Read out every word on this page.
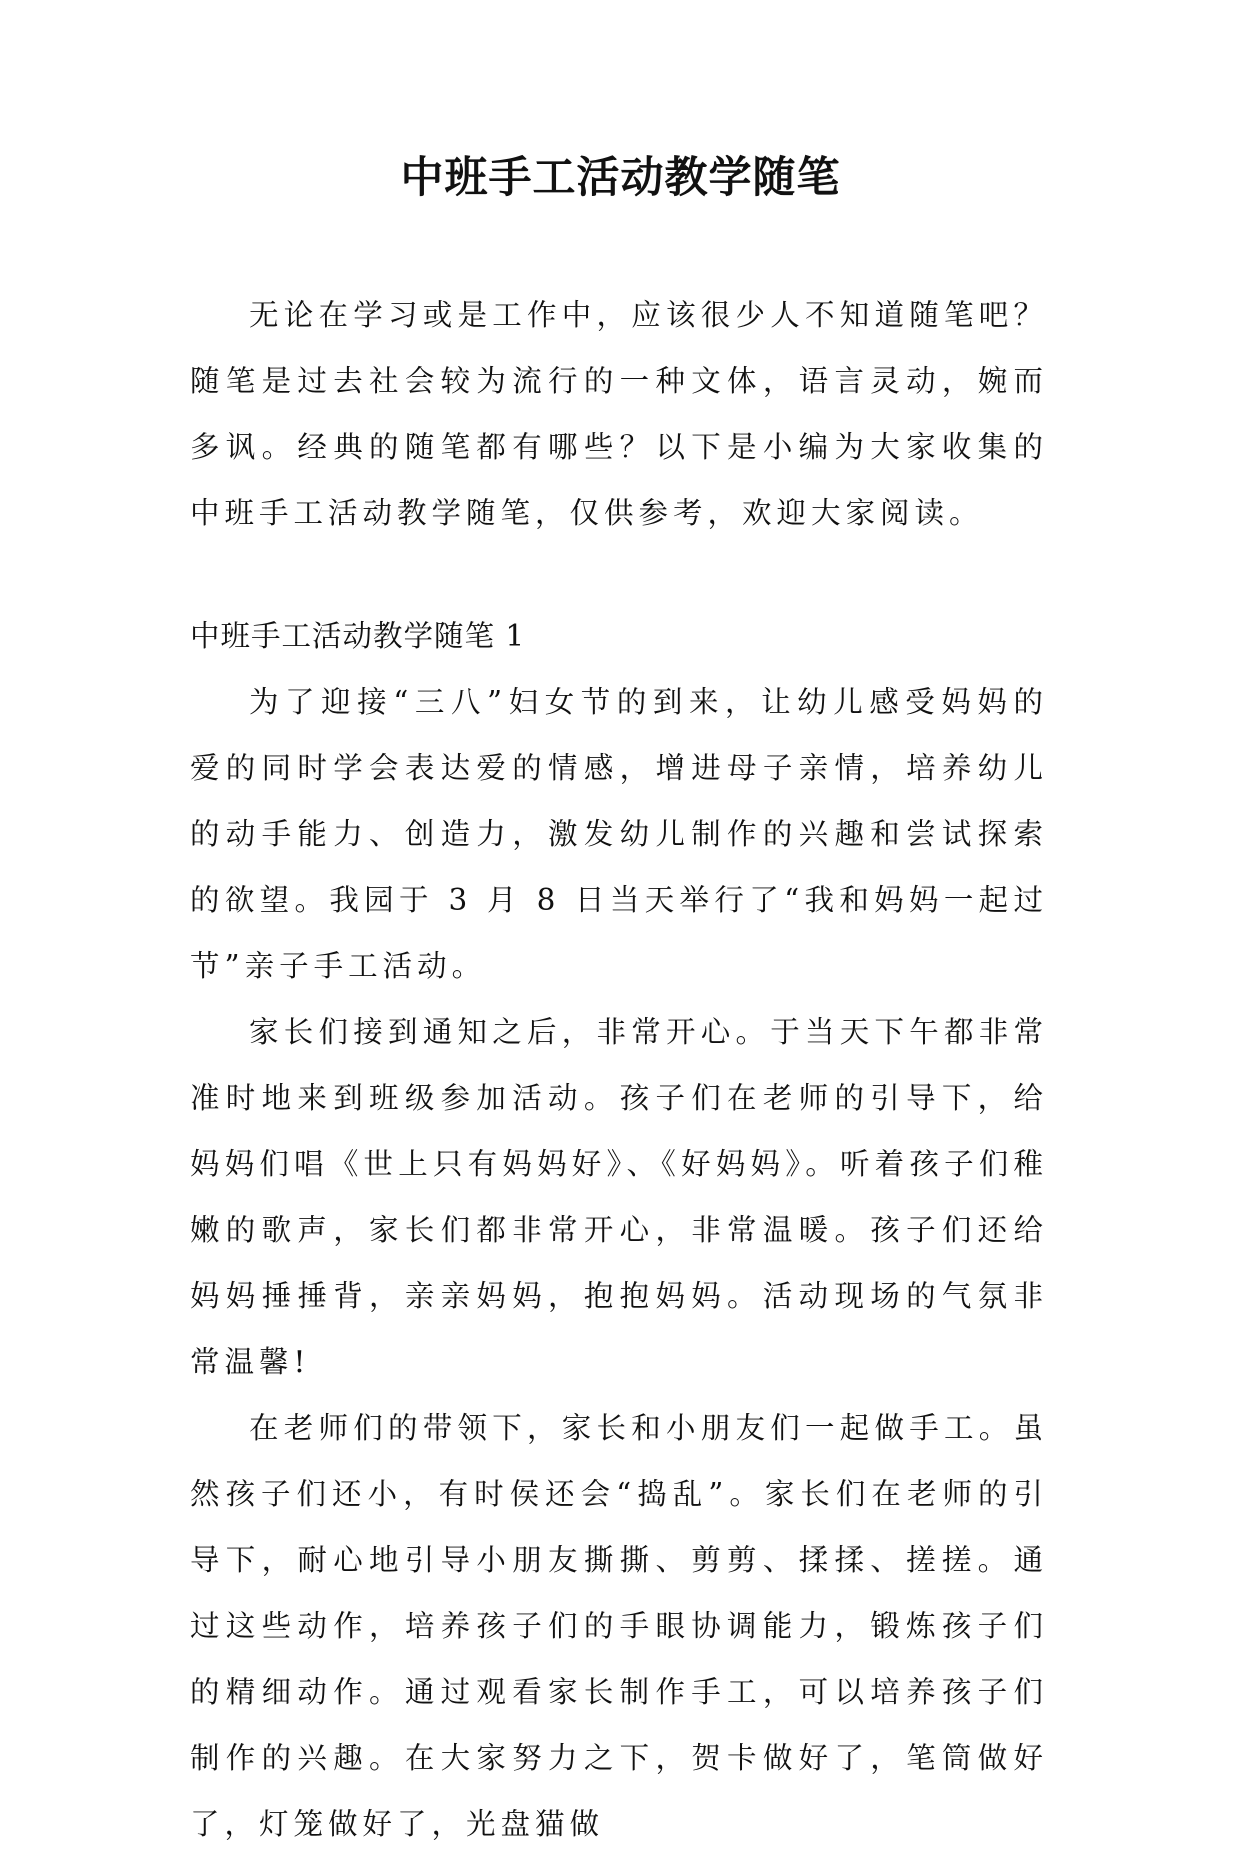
中班手工活动教学随笔

无论在学习或是工作中，应该很少人不知道随笔吧？随笔是过去社会较为流行的一种文体，语言灵动，婉而多讽。经典的随笔都有哪些？以下是小编为大家收集的中班手工活动教学随笔，仅供参考，欢迎大家阅读。

中班手工活动教学随笔 1

为了迎接“三八”妇女节的到来，让幼儿感受妈妈的爱的同时学会表达爱的情感，增进母子亲情，培养幼儿的动手能力、创造力，激发幼儿制作的兴趣和尝试探索的欲望。我园于 3 月 8 日当天举行了“我和妈妈一起过节”亲子手工活动。

家长们接到通知之后，非常开心。于当天下午都非常准时地来到班级参加活动。孩子们在老师的引导下，给妈妈们唱《世上只有妈妈好》、《好妈妈》。听着孩子们稚嫩的歌声，家长们都非常开心，非常温暖。孩子们还给妈妈捶捶背，亲亲妈妈，抱抱妈妈。活动现场的气氛非常温馨!

在老师们的带领下，家长和小朋友们一起做手工。虽然孩子们还小，有时侯还会“捣乱”。家长们在老师的引导下，耐心地引导小朋友撕撕、剪剪、揉揉、搓搓。通过这些动作，培养孩子们的手眼协调能力，锻炼孩子们的精细动作。通过观看家长制作手工，可以培养孩子们制作的兴趣。在大家努力之下，贺卡做好了，笔筒做好了，灯笼做好了，光盘猫做
